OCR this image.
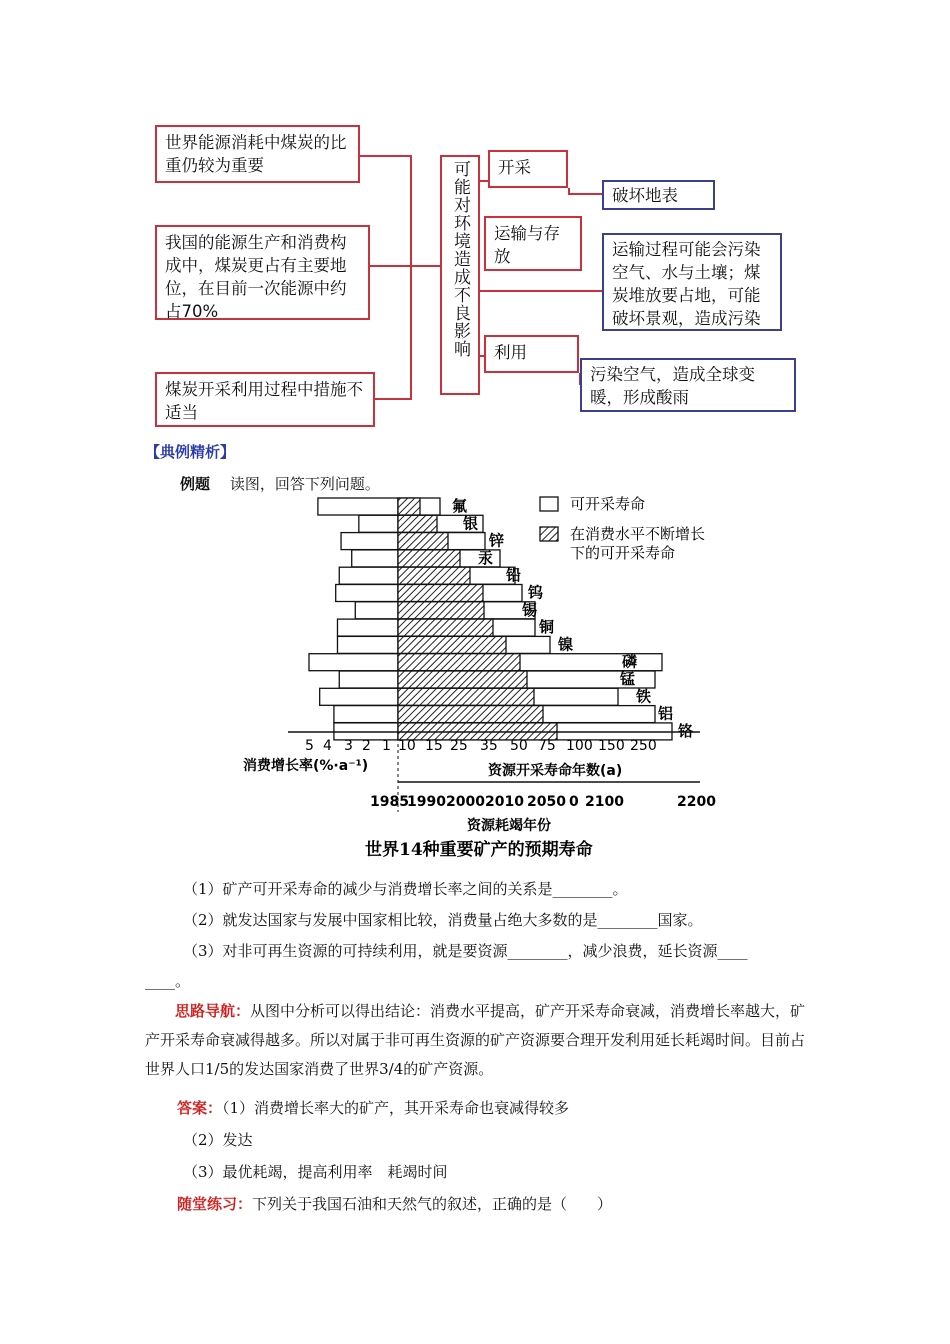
世界能源消耗中煤炭的比重仍较为重要
我国的能源生产和消费构成中，煤炭更占有主要地位，在目前一次能源中约占70%
煤炭开采利用过程中措施不适当
可能对环境造成不良影响	开采
运输与存放
利用
破坏地表
运输过程可能会污染空气、水与土壤；煤炭堆放要占地，可能破坏景观，造成污染
污染空气，造成全球变暖，形成酸雨
【典例精析】
例题 　 读图，回答下列问题。
氟
银
锌
汞
铅
钨
锡
铜
镍
磷
锰
铁
铝
铬
可开采寿命
在消费水平不断增长
下的可开采寿命
5 4 3 2 1 10 15 25 35 50 75 100 150 250
1985
1990 2000 2010 2050 0 2100	2200
消费增长率(%·a⁻¹)	资源开采寿命年数(a)
资源耗竭年份
世界14种重要矿产的预期寿命
（1）矿产可开采寿命的减少与消费增长率之间的关系是________。
（2）就发达国家与发展中国家相比较，消费量占绝大多数的是________国家。
（3）对非可再生资源的可持续利用，就是要资源________，减少浪费，延长资源____
____。
思路导航：从图中分析可以得出结论：消费水平提高，矿产开采寿命衰减，消费增长率越大，矿产开采寿命衰减得越多。所以对属于非可再生资源的矿产资源要合理开发利用延长耗竭时间。目前占世界人口1/5的发达国家消费了世界3/4的矿产资源。
答案：（1）消费增长率大的矿产，其开采寿命也衰减得较多
（2）发达
（3）最优耗竭，提高利用率　耗竭时间
随堂练习：下列关于我国石油和天然气的叙述，正确的是（　　）
